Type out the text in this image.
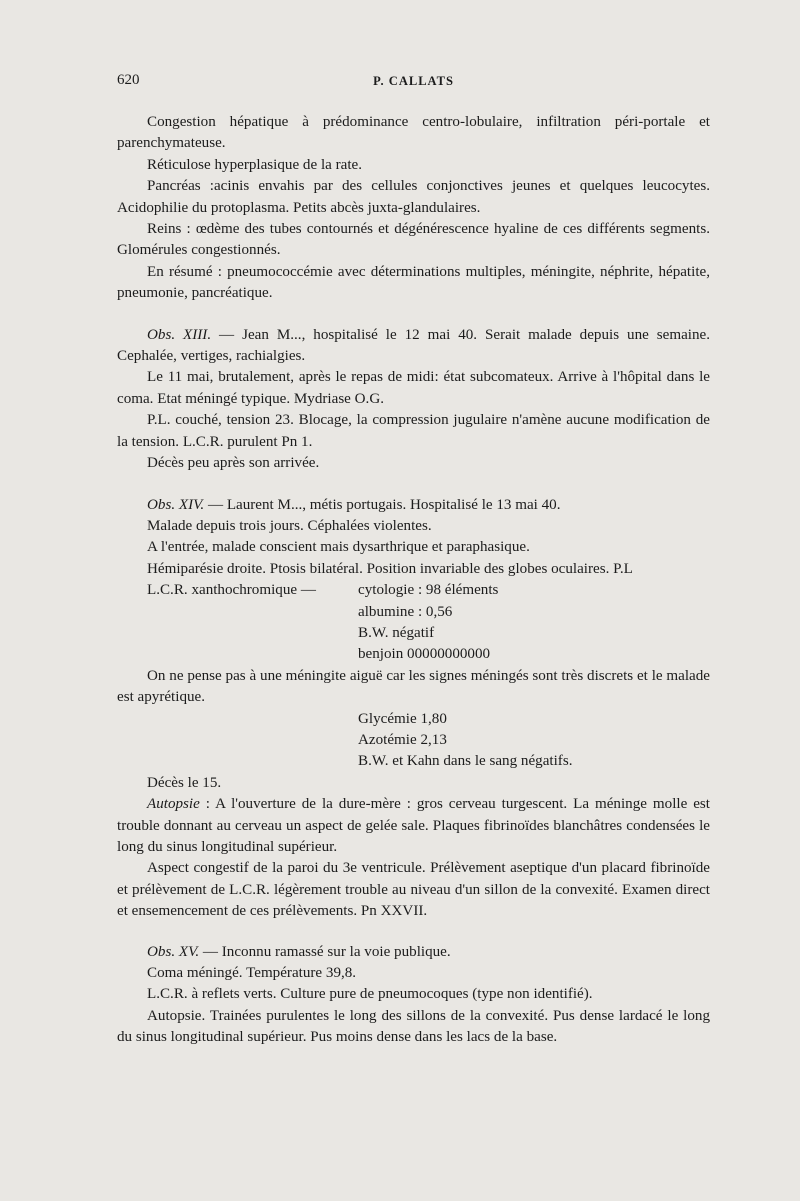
620	P. CALLATS

Congestion hépatique à prédominance centro-lobulaire, infiltration péri-portale et parenchymateuse.

Réticulose hyperplasique de la rate.

Pancréas :acinis envahis par des cellules conjonctives jeunes et quelques leucocytes. Acidophilie du protoplasma. Petits abcès juxta-glandulaires.

Reins : œdème des tubes contournés et dégénérescence hyaline de ces différents segments. Glomérules congestionnés.

En résumé : pneumococcémie avec déterminations multiples, méningite, néphrite, hépatite, pneumonie, pancréatique.

Obs. XIII. — Jean M..., hospitalisé le 12 mai 40. Serait malade depuis une semaine. Cephalée, vertiges, rachialgies.

Le 11 mai, brutalement, après le repas de midi: état subcomateux. Arrive à l'hôpital dans le coma. Etat méningé typique. Mydriase O.G.

P.L. couché, tension 23. Blocage, la compression jugulaire n'amène aucune modification de la tension. L.C.R. purulent Pn 1.

Décès peu après son arrivée.

Obs. XIV. — Laurent M..., métis portugais. Hospitalisé le 13 mai 40.

Malade depuis trois jours. Céphalées violentes.

A l'entrée, malade conscient mais dysarthrique et paraphasique.

Hémiparésie droite. Ptosis bilatéral. Position invariable des globes oculaires. P.L

L.C.R. xanthochromique —	cytologie : 98 éléments
albumine : 0,56
B.W. négatif
benjoin 00000000000

On ne pense pas à une méningite aiguë car les signes méningés sont très discrets et le malade est apyrétique.

Glycémie 1,80
Azotémie 2,13
B.W. et Kahn dans le sang négatifs.

Décès le 15.

Autopsie : A l'ouverture de la dure-mère : gros cerveau turgescent. La méninge molle est trouble donnant au cerveau un aspect de gelée sale. Plaques fibrinoïdes blanchâtres condensées le long du sinus longitudinal supérieur.

Aspect congestif de la paroi du 3e ventricule. Prélèvement aseptique d'un placard fibrinoïde et prélèvement de L.C.R. légèrement trouble au niveau d'un sillon de la convexité. Examen direct et ensemencement de ces prélèvements. Pn XXVII.

Obs. XV. — Inconnu ramassé sur la voie publique.

Coma méningé. Température 39,8.

L.C.R. à reflets verts. Culture pure de pneumocoques (type non identifié).

Autopsie. Trainées purulentes le long des sillons de la convexité. Pus dense lardacé le long du sinus longitudinal supérieur. Pus moins dense dans les lacs de la base.
